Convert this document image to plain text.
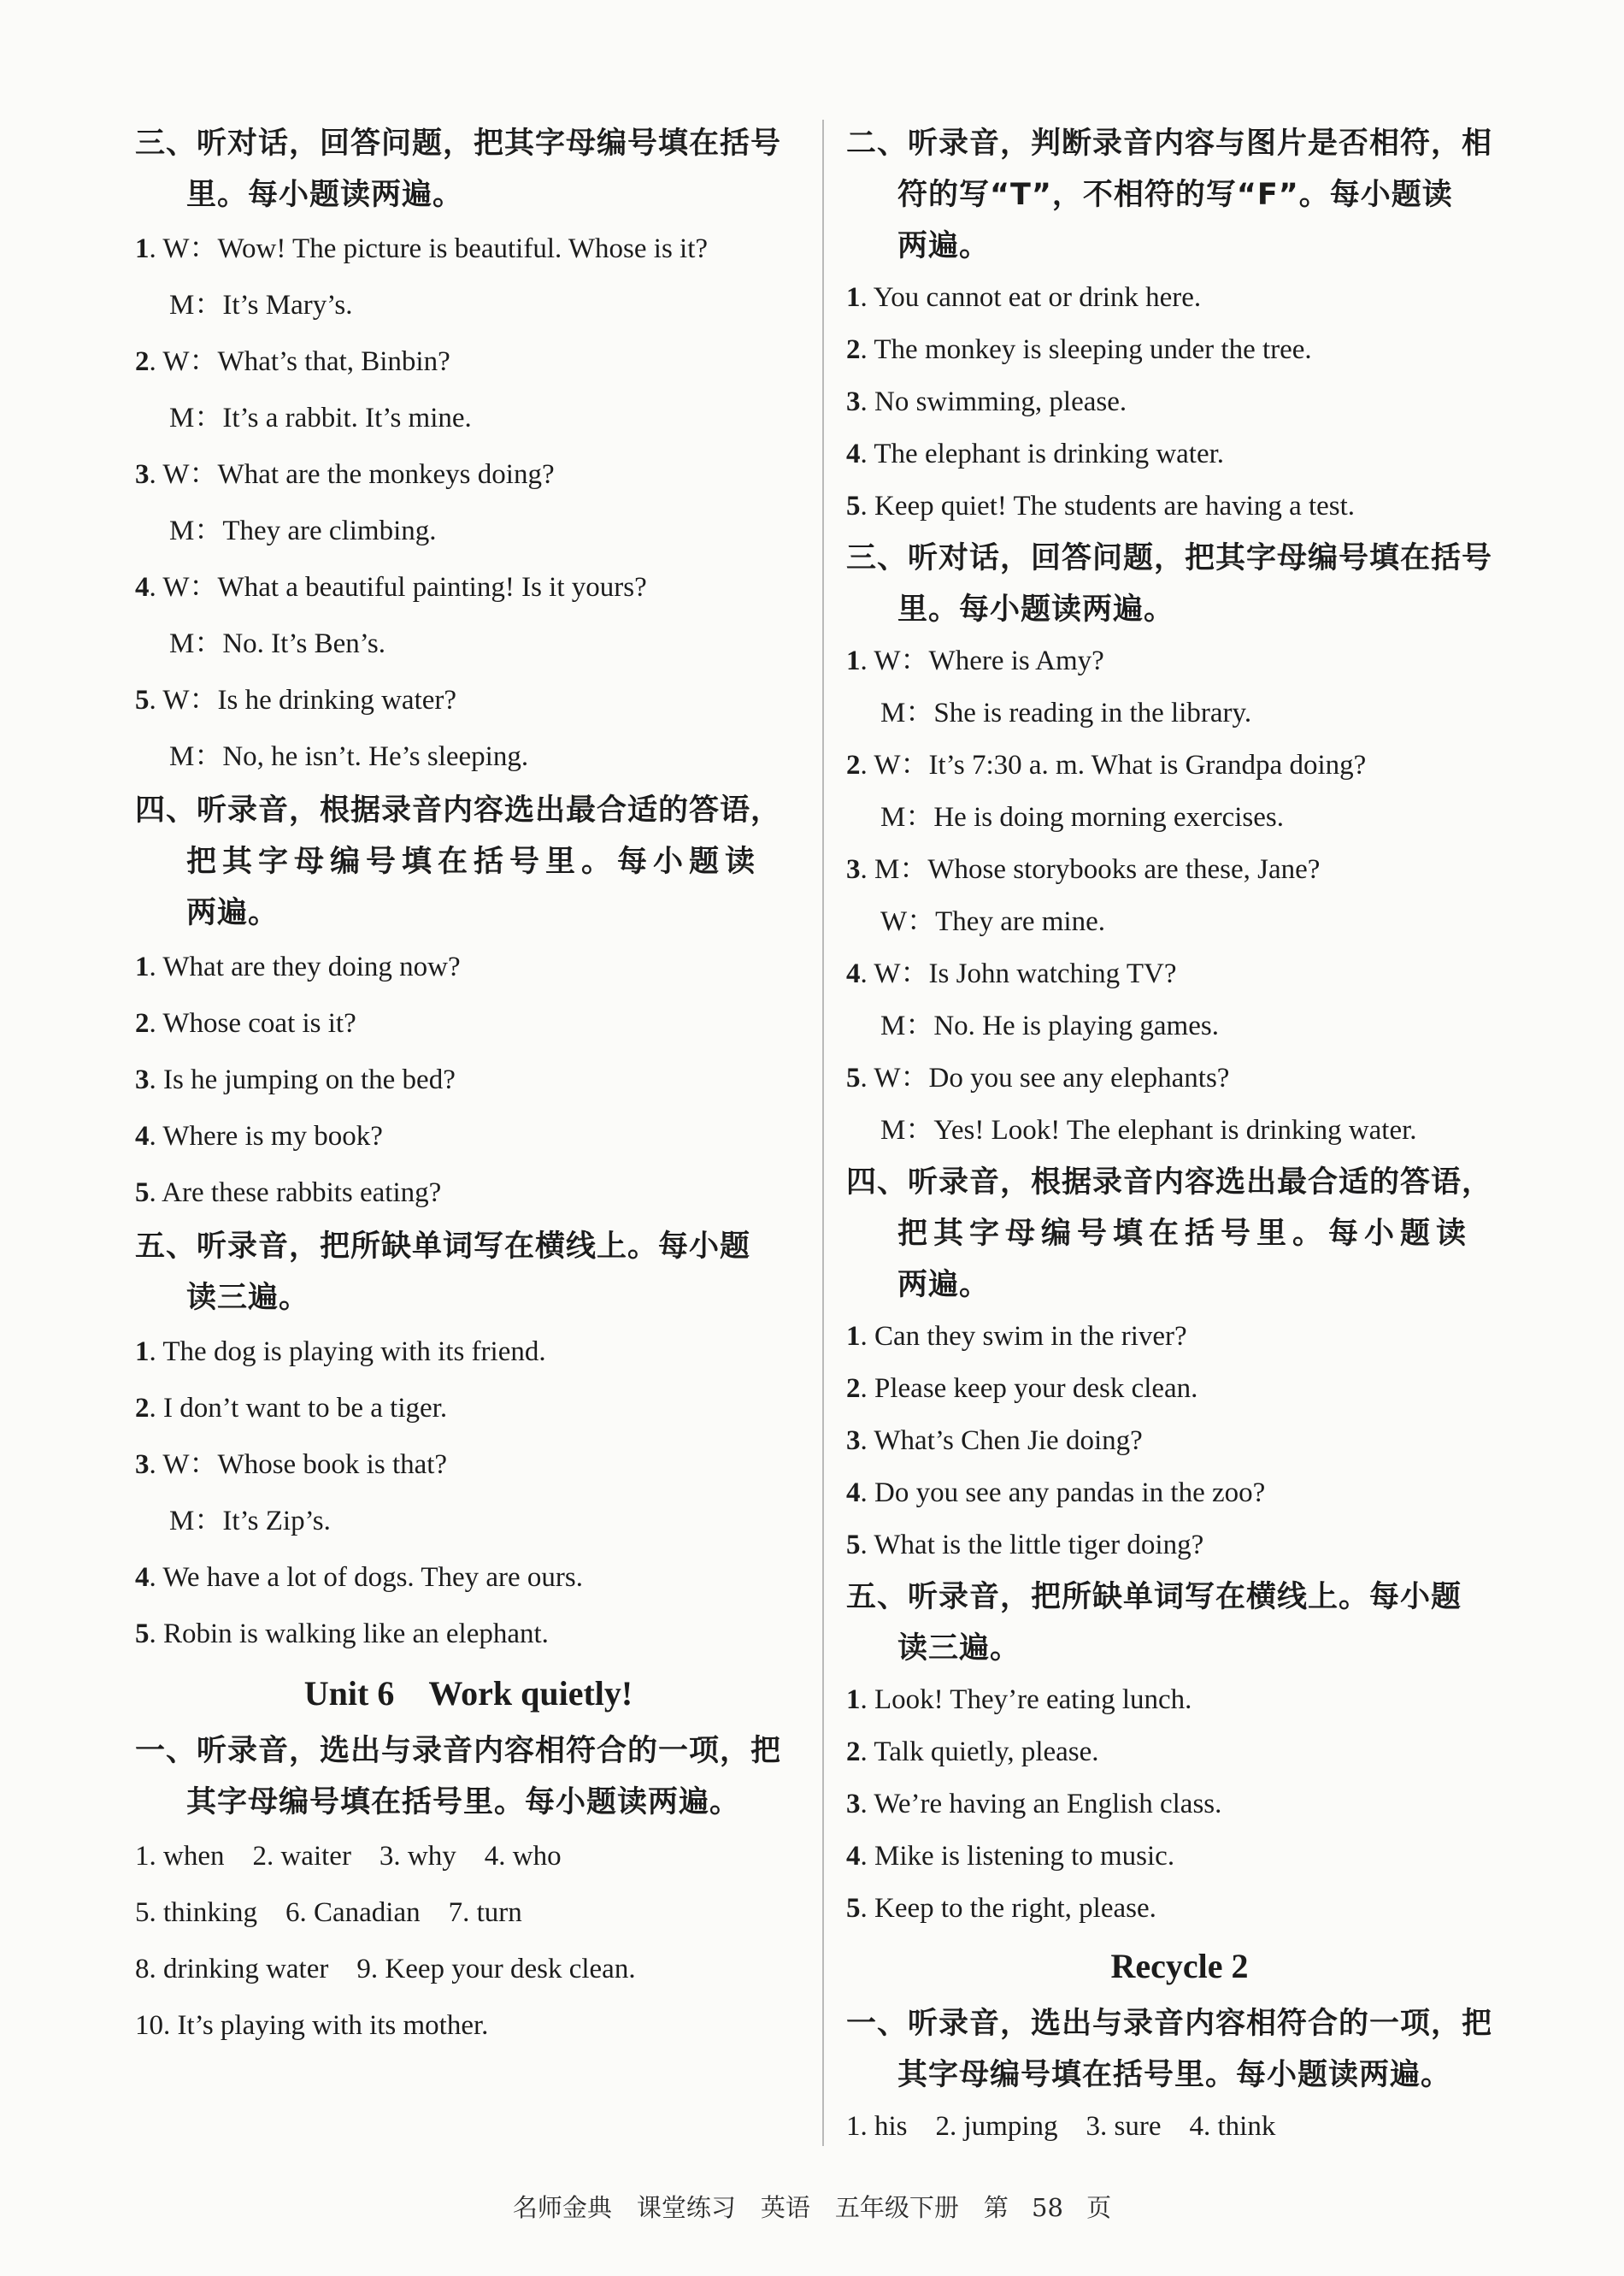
三、听对话，回答问题，把其字母编号填在括号
里。每小题读两遍。

1. W：Wow! The picture is beautiful. Whose is it?

M：It’s Mary’s.

2. W：What’s that, Binbin?

M：It’s a rabbit. It’s mine.

3. W：What are the monkeys doing?

M：They are climbing.

4. W：What a beautiful painting! Is it yours?

M：No. It’s Ben’s.

5. W：Is he drinking water?

M：No, he isn’t. He’s sleeping.

四、听录音，根据录音内容选出最合适的答语，
把其字母编号填在括号里。每小题读
两遍。

1. What are they doing now?

2. Whose coat is it?

3. Is he jumping on the bed?

4. Where is my book?

5. Are these rabbits eating?

五、听录音，把所缺单词写在横线上。每小题
读三遍。

1. The dog is playing with its friend.

2. I don’t want to be a tiger.

3. W：Whose book is that?

M：It’s Zip’s.

4. We have a lot of dogs. They are ours.

5. Robin is walking like an elephant.

Unit 6　Work quietly!

一、听录音，选出与录音内容相符合的一项，把
其字母编号填在括号里。每小题读两遍。

1. when　2. waiter　3. why　4. who

5. thinking　6. Canadian　7. turn

8. drinking water　9. Keep your desk clean.

10. It’s playing with its mother.

二、听录音，判断录音内容与图片是否相符，相
符的写“T”，不相符的写“F”。每小题读
两遍。

1. You cannot eat or drink here.

2. The monkey is sleeping under the tree.

3. No swimming, please.

4. The elephant is drinking water.

5. Keep quiet! The students are having a test.

三、听对话，回答问题，把其字母编号填在括号
里。每小题读两遍。

1. W：Where is Amy?

M：She is reading in the library.

2. W：It’s 7:30 a. m. What is Grandpa doing?

M：He is doing morning exercises.

3. M：Whose storybooks are these, Jane?

W：They are mine.

4. W：Is John watching TV?

M：No. He is playing games.

5. W：Do you see any elephants?

M：Yes! Look! The elephant is drinking water.

四、听录音，根据录音内容选出最合适的答语，
把其字母编号填在括号里。每小题读
两遍。

1. Can they swim in the river?

2. Please keep your desk clean.

3. What’s Chen Jie doing?

4. Do you see any pandas in the zoo?

5. What is the little tiger doing?

五、听录音，把所缺单词写在横线上。每小题
读三遍。

1. Look! They’re eating lunch.

2. Talk quietly, please.

3. We’re having an English class.

4. Mike is listening to music.

5. Keep to the right, please.

Recycle 2

一、听录音，选出与录音内容相符合的一项，把
其字母编号填在括号里。每小题读两遍。

1. his　2. jumping　3. sure　4. think

名师金典　课堂练习　英语　五年级下册　第 58 页
